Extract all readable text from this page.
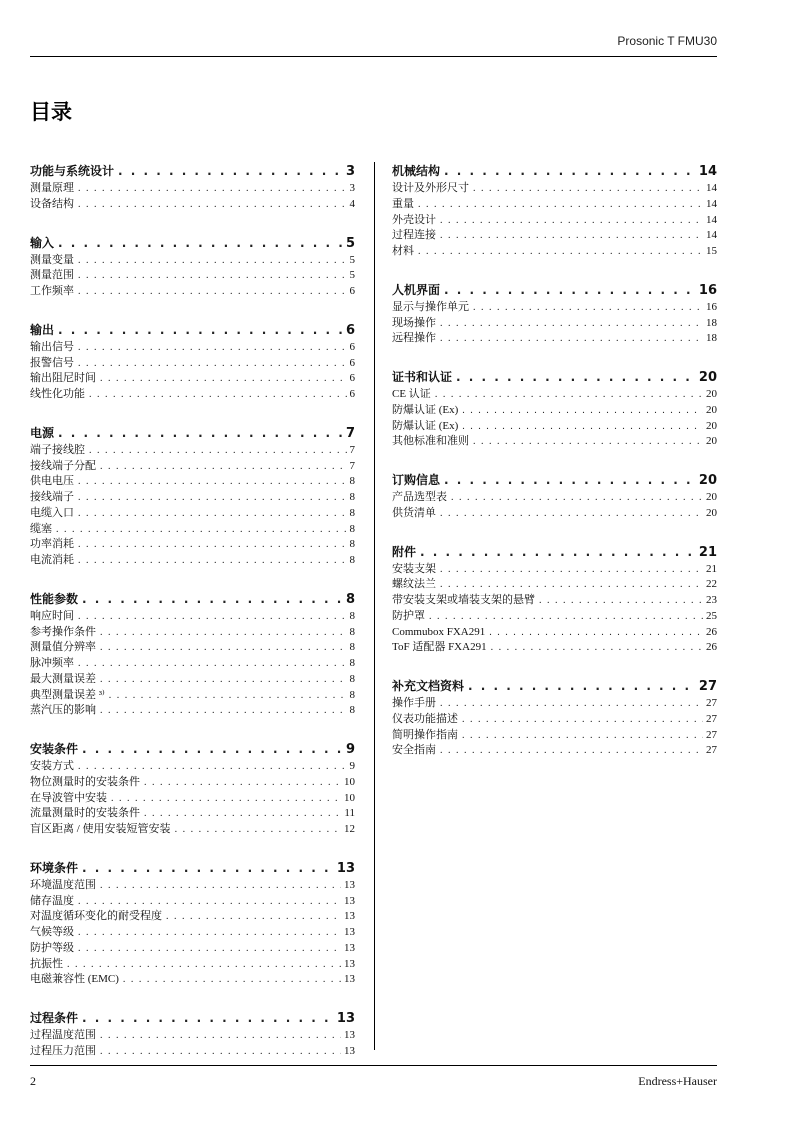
Prosonic T FMU30
目录
功能与系统设计 . . .	3
测量原理 . . .	3
设备结构 . . .	4
输入 . . .	5
测量变量 . . .	5
测量范围 . . .	5
工作频率 . . .	6
输出 . . .	6
输出信号 . . .	6
报警信号 . . .	6
输出阻尼时间 . . .	6
线性化功能 . . .	6
电源 . . .	7
端子接线腔 . . .	7
接线端子分配 . . .	7
供电电压 . . .	8
接线端子 . . .	8
电缆入口 . . .	8
缆塞 . . .	8
功率消耗 . . .	8
电流消耗 . . .	8
性能参数 . . .	8
响应时间 . . .	8
参考操作条件 . . .	8
测量值分辨率 . . .	8
脉冲频率 . . .	8
最大测量误差 . . .	8
典型测量误差 ³⁾ . . .	8
蒸汽压的影响 . . .	8
安装条件 . . .	9
安装方式 . . .	9
物位测量时的安装条件 . . .	10
在导波管中安装 . . .	10
流量测量时的安装条件 . . .	11
盲区距离 / 使用安装短管安装 . . .	12
环境条件 . . .	13
环境温度范围 . . .	13
储存温度 . . .	13
对温度循环变化的耐受程度 . . .	13
气候等级 . . .	13
防护等级 . . .	13
抗振性 . . .	13
电磁兼容性 (EMC) . . .	13
过程条件 . . .	13
过程温度范围 . . .	13
过程压力范围 . . .	13
机械结构 . . .	14
设计及外形尺寸 . . .	14
重量 . . .	14
外壳设计 . . .	14
过程连接 . . .	14
材料 . . .	15
人机界面 . . .	16
显示与操作单元 . . .	16
现场操作 . . .	18
远程操作 . . .	18
证书和认证 . . .	20
CE 认证 . . .	20
防爆认证 (Ex) . . .	20
防爆认证 (Ex) . . .	20
其他标准和准则 . . .	20
订购信息 . . .	20
产品选型表 . . .	20
供货清单 . . .	20
附件 . . .	21
安装支架 . . .	21
螺纹法兰 . . .	22
带安装支架或墙装支架的悬臂 . . .	23
防护罩 . . .	25
Commubox FXA291 . . .	26
ToF 适配器 FXA291 . . .	26
补充文档资料 . . .	27
操作手册 . . .	27
仪表功能描述 . . .	27
简明操作指南 . . .	27
安全指南 . . .	27
2	Endress+Hauser
